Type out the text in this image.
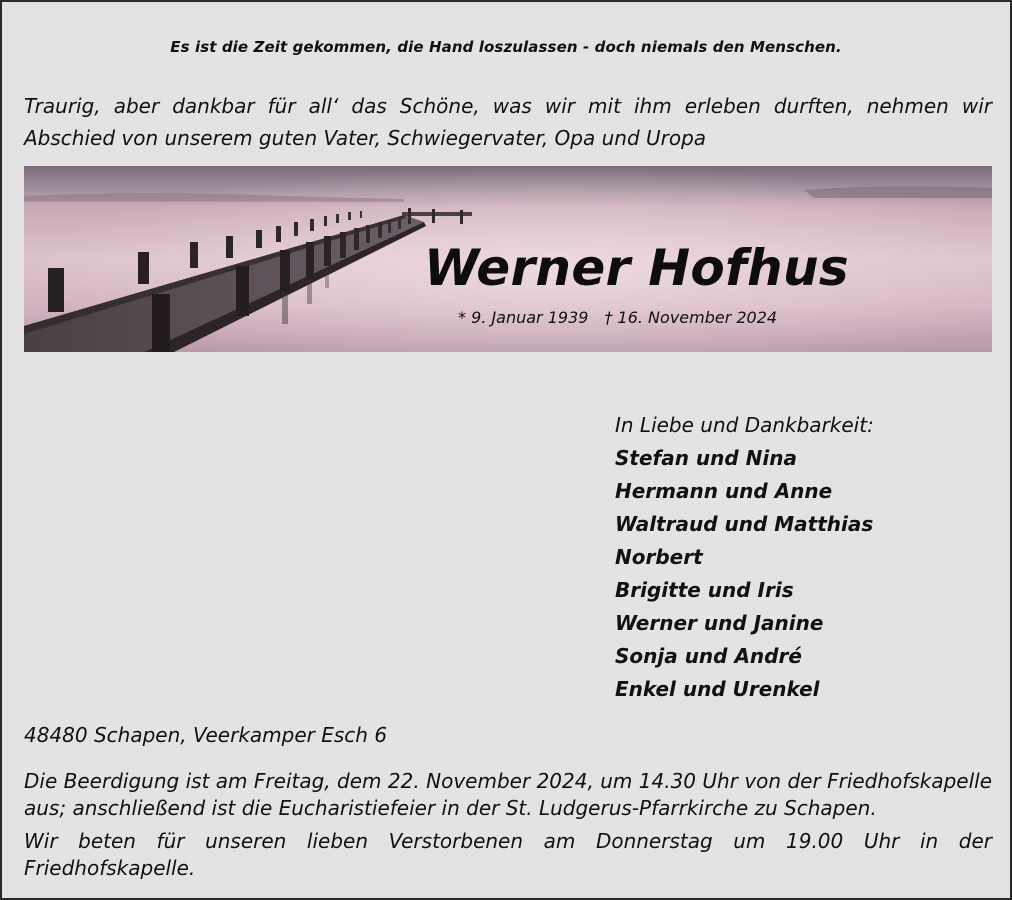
Es ist die Zeit gekommen, die Hand loszulassen - doch niemals den Menschen.
Traurig, aber dankbar für all‘ das Schöne, was wir mit ihm erleben durften, nehmen wir Abschied von unserem guten Vater, Schwiegervater, Opa und Uropa
Werner Hofhus
* 9. Januar 1939 † 16. November 2024
In Liebe und Dankbarkeit:
Stefan und Nina
Hermann und Anne
Waltraud und Matthias
Norbert
Brigitte und Iris
Werner und Janine
Sonja und André
Enkel und Urenkel
48480 Schapen, Veerkamper Esch 6
Die Beerdigung ist am Freitag, dem 22. November 2024, um 14.30 Uhr von der Friedhofskapelle aus; anschließend ist die Eucharistiefeier in der St. Ludgerus-Pfarrkirche zu Schapen.
Wir beten für unseren lieben Verstorbenen am Donnerstag um 19.00 Uhr in der Friedhofskapelle.
